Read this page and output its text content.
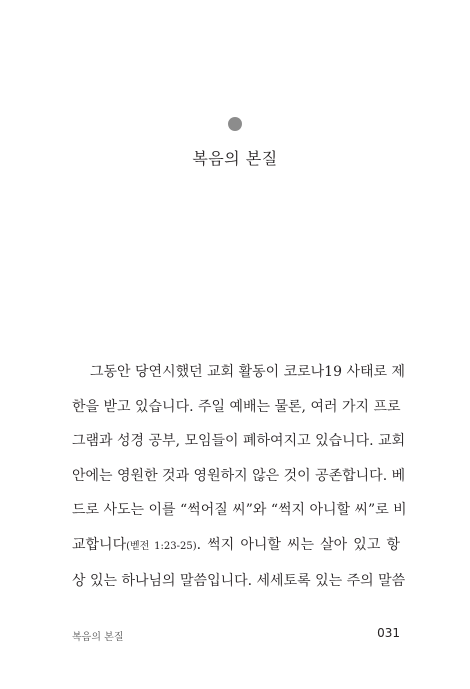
복음의 본질
그동안 당연시했던 교회 활동이 코로나19 사태로 제
한을 받고 있습니다. 주일 예배는 물론, 여러 가지 프로
그램과 성경 공부, 모임들이 폐하여지고 있습니다. 교회
안에는 영원한 것과 영원하지 않은 것이 공존합니다. 베
드로 사도는 이를 “썩어질 씨”와 “썩지 아니할 씨”로 비
교합니다(벧전 1:23-25). 썩지 아니할 씨는 살아 있고 항
상 있는 하나님의 말씀입니다. 세세토록 있는 주의 말씀
복음의 본질	031
